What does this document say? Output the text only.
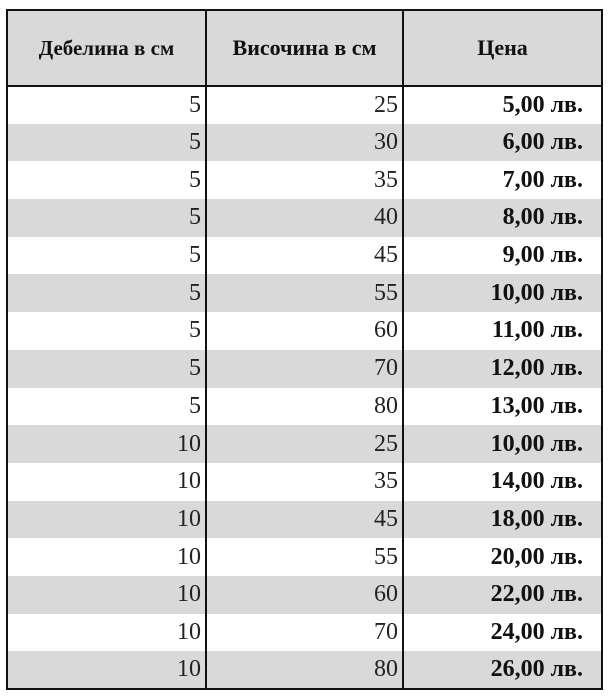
Дебелина в см	Височина в см	Цена
5	25	5,00 лв.
5	30	6,00 лв.
5	35	7,00 лв.
5	40	8,00 лв.
5	45	9,00 лв.
5	55	10,00 лв.
5	60	11,00 лв.
5	70	12,00 лв.
5	80	13,00 лв.
10	25	10,00 лв.
10	35	14,00 лв.
10	45	18,00 лв.
10	55	20,00 лв.
10	60	22,00 лв.
10	70	24,00 лв.
10	80	26,00 лв.
